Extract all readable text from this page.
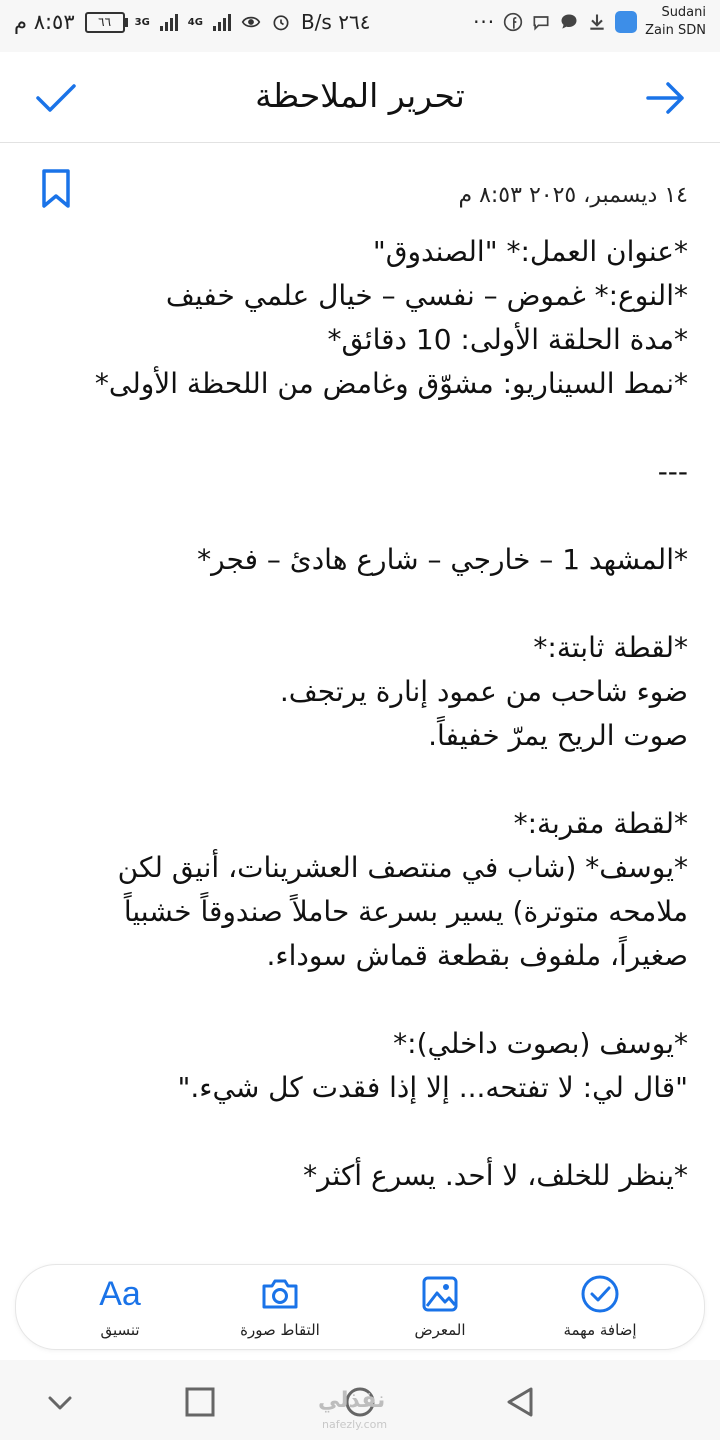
٨:٥٣ م	٦٦	3G	4G	٢٦٤ B/s	···	Sudani
Zain SDN
تحرير الملاحظة
١٤ ديسمبر، ٢٠٢٥ ٨:٥٣ م

*عنوان العمل:* "الصندوق"

*النوع:* غموض – نفسي – خيال علمي خفيف

*مدة الحلقة الأولى: 10 دقائق*

*نمط السيناريو: مشوّق وغامض من اللحظة الأولى*

---

*المشهد 1 – خارجي – شارع هادئ – فجر*

*لقطة ثابتة:*

ضوء شاحب من عمود إنارة يرتجف.

صوت الريح يمرّ خفيفاً.

*لقطة مقربة:*

*يوسف* (شاب في منتصف العشرينات، أنيق لكن

ملامحه متوترة) يسير بسرعة حاملاً صندوقاً خشبياً

صغيراً، ملفوف بقطعة قماش سوداء.

*يوسف (بصوت داخلي):*

"قال لي: لا تفتحه... إلا إذا فقدت كل شيء."

*ينظر للخلف، لا أحد. يسرع أكثر*

Aa
تنسيق	التقاط صورة	المعرض	إضافة مهمة
نفذلي
nafezly.com
